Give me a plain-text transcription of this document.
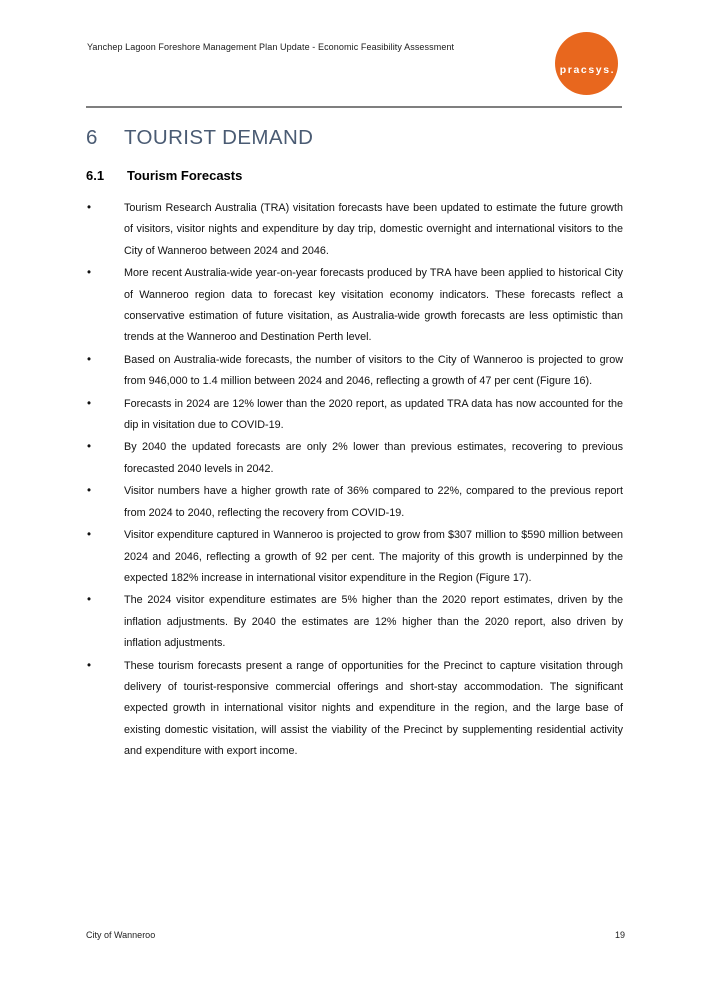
Yanchep Lagoon Foreshore Management Plan Update - Economic Feasibility Assessment
pracsys.
6 TOURIST DEMAND
6.1 Tourism Forecasts
• Tourism Research Australia (TRA) visitation forecasts have been updated to estimate the future growth of visitors, visitor nights and expenditure by day trip, domestic overnight and international visitors to the City of Wanneroo between 2024 and 2046.
• More recent Australia-wide year-on-year forecasts produced by TRA have been applied to historical City of Wanneroo region data to forecast key visitation economy indicators. These forecasts reflect a conservative estimation of future visitation, as Australia-wide growth forecasts are less optimistic than trends at the Wanneroo and Destination Perth level.
• Based on Australia-wide forecasts, the number of visitors to the City of Wanneroo is projected to grow from 946,000 to 1.4 million between 2024 and 2046, reflecting a growth of 47 per cent (Figure 16).
• Forecasts in 2024 are 12% lower than the 2020 report, as updated TRA data has now accounted for the dip in visitation due to COVID-19.
• By 2040 the updated forecasts are only 2% lower than previous estimates, recovering to previous forecasted 2040 levels in 2042.
• Visitor numbers have a higher growth rate of 36% compared to 22%, compared to the previous report from 2024 to 2040, reflecting the recovery from COVID-19.
• Visitor expenditure captured in Wanneroo is projected to grow from $307 million to $590 million between 2024 and 2046, reflecting a growth of 92 per cent. The majority of this growth is underpinned by the expected 182% increase in international visitor expenditure in the Region (Figure 17).
• The 2024 visitor expenditure estimates are 5% higher than the 2020 report estimates, driven by the inflation adjustments. By 2040 the estimates are 12% higher than the 2020 report, also driven by inflation adjustments.
• These tourism forecasts present a range of opportunities for the Precinct to capture visitation through delivery of tourist-responsive commercial offerings and short-stay accommodation. The significant expected growth in international visitor nights and expenditure in the region, and the large base of existing domestic visitation, will assist the viability of the Precinct by supplementing residential activity and expenditure with export income.
City of Wanneroo	19
